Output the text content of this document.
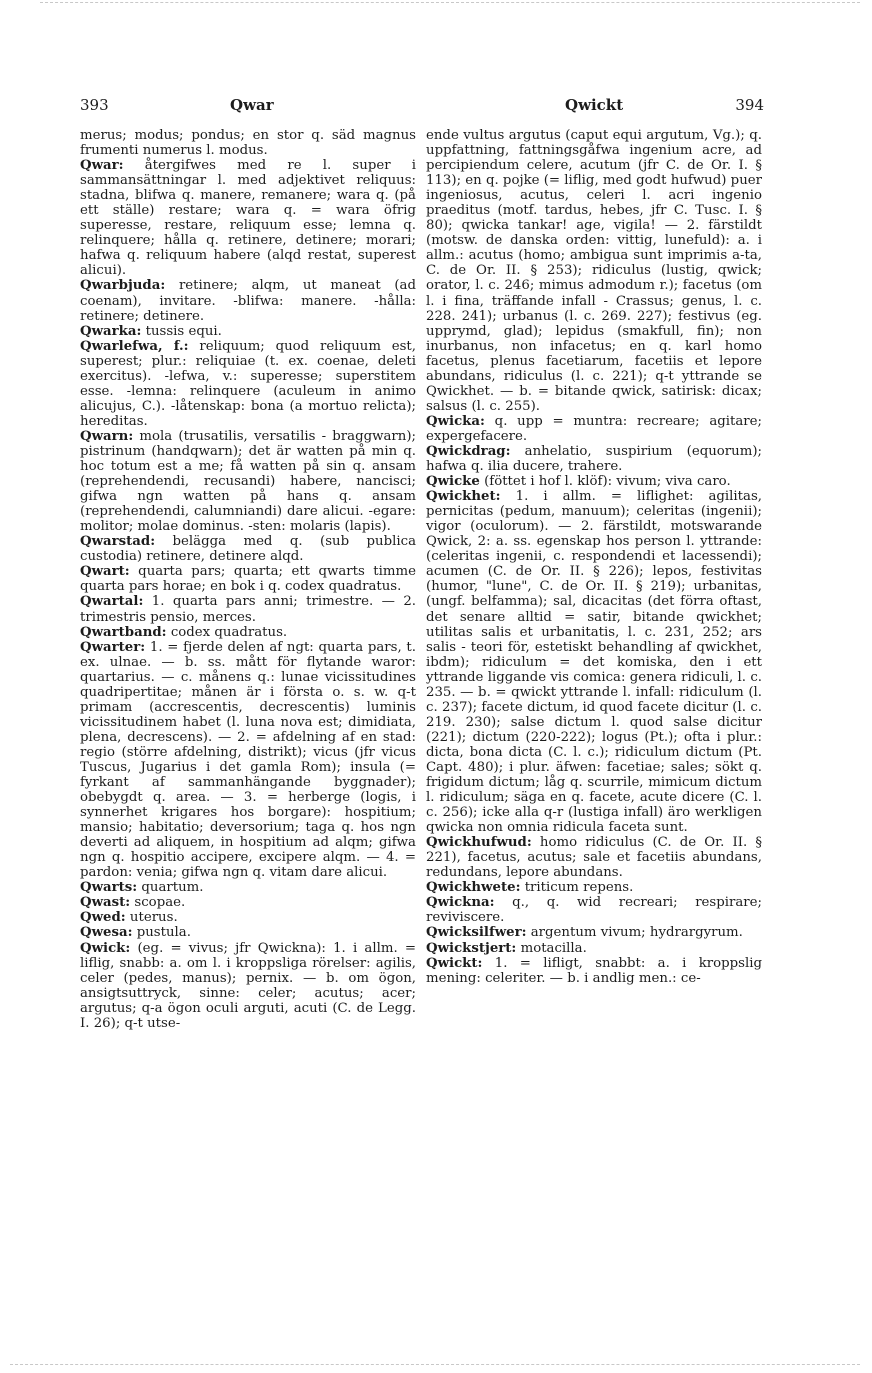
393	Qwar	Qwickt	394

merus; modus; pondus; en stor q. säd magnus frumenti numerus l. modus.

Qwar: återgifwes med re l. super i sammansättningar l. med adjektivet reliquus: stadna, blifwa q. manere, remanere; wara q. (på ett ställe) restare; wara q. = wara öfrig superesse, restare, reliquum esse; lemna q. relinquere; hålla q. retinere, detinere; morari; hafwa q. reliquum habere (alqd restat, superest alicui).

Qwarbjuda: retinere; alqm, ut maneat (ad coenam), invitare. -blifwa: manere. -hålla: retinere; detinere.

Qwarka: tussis equi.

Qwarlefwa, f.: reliquum; quod reliquum est, superest; plur.: reliquiae (t. ex. coenae, deleti exercitus). -lefwa, v.: superesse; superstitem esse. -lemna: relinquere (aculeum in animo alicujus, C.). -låtenskap: bona (a mortuo relicta); hereditas.

Qwarn: mola (trusatilis, versatilis - braggwarn); pistrinum (handqwarn); det är watten på min q. hoc totum est a me; få watten på sin q. ansam (reprehendendi, recusandi) habere, nancisci; gifwa ngn watten på hans q. ansam (reprehendendi, calumniandi) dare alicui. -egare: molitor; molae dominus. -sten: molaris (lapis).

Qwarstad: beläggа med q. (sub publica custodia) retinere, detinere alqd.

Qwart: quarta pars; quarta; ett qwarts timme quarta pars horae; en bok i q. codex quadratus.

Qwartal: 1. quarta pars anni; trimestre. — 2. trimestris pensio, merces.

Qwartband: codex quadratus.

Qwarter: 1. = fjerde delen af ngt: quarta pars, t. ex. ulnae. — b. ss. mått för flytande waror: quartarius. — c. månens q.: lunae vicissitudines quadripertitae; månen är i första o. s. w. q-t primam (accrescentis, decrescentis) luminis vicissitudinem habet (l. luna nova est; dimidiata, plena, decrescens). — 2. = afdelning af en stad: regio (större afdelning, distrikt); vicus (jfr vicus Tuscus, Jugarius i det gamla Rom); insula (= fyrkant af sammanhängande byggnader); obebygdt q. area. — 3. = herberge (logis, i synnerhet krigares hos borgare): hospitium; mansio; habitatio; deversorium; taga q. hos ngn deverti ad aliquem, in hospitium ad alqm; gifwa ngn q. hospitio accipere, excipere alqm. — 4. = pardon: venia; gifwa ngn q. vitam dare alicui.

Qwarts: quartum.

Qwast: scopae.

Qwed: uterus.

Qwesa: pustula.

Qwick: (eg. = vivus; jfr Qwickna): 1. i allm. = liflig, snabb: a. om l. i kroppsliga rörelser: agilis, celer (pedes, manus); pernix. — b. om ögon, ansigtsuttryck, sinne: celer; acutus; acer; argutus; q-a ögon oculi arguti, acuti (C. de Legg. I. 26); q-t utse-

ende vultus argutus (caput equi argutum, Vg.); q. uppfattning, fattningsgåfwa ingenium acre, ad percipiendum celere, acutum (jfr C. de Or. I. § 113); en q. pojke (= liflig, med godt hufwud) puer ingeniosus, acutus, celeri l. acri ingenio praeditus (motf. tardus, hebes, jfr C. Tusc. I. § 80); qwicka tankar! age, vigila! — 2. färstildt (motsw. de danska orden: vittig, lunefuld): a. i allm.: acutus (homo; ambigua sunt imprimis a-ta, C. de Or. II. § 253); ridiculus (lustig, qwick; orator, l. c. 246; mimus admodum r.); facetus (om l. i fina, träffande infall - Crassus; genus, l. c. 228. 241); urbanus (l. c. 269. 227); festivus (eg. upprymd, glad); lepidus (smakfull, fin); non inurbanus, non infacetus; en q. karl homo facetus, plenus facetiarum, facetiis et lepore abundans, ridiculus (l. c. 221); q-t yttrande se Qwickhet. — b. = bitande qwick, satirisk: dicax; salsus (l. c. 255).

Qwicka: q. upp = muntra: recreare; agitare; expergefacere.

Qwickdrag: anhelatio, suspirium (equorum); hafwa q. ilia ducere, trahere.

Qwicke (föttet i hof l. klöf): vivum; viva caro.

Qwickhet: 1. i allm. = liflighet: agilitas, pernicitas (pedum, manuum); celeritas (ingenii); vigor (oculorum). — 2. färstildt, motswarande Qwick, 2: a. ss. egenskap hos person l. yttrande: (celeritas ingenii, c. respondendi et lacessendi); acumen (C. de Or. II. § 226); lepos, festivitas (humor, "lune", C. de Or. II. § 219); urbanitas, (ungf. belfamma); sal, dicacitas (det förra oftast, det senare alltid = satir, bitande qwickhet; utilitas salis et urbanitatis, l. c. 231, 252; ars salis - teori för, estetiskt behandling af qwickhet, ibdm); ridiculum = det komiska, den i ett yttrande liggande vis comica: genera ridiculi, l. c. 235. — b. = qwickt yttrande l. infall: ridiculum (l. c. 237); facete dictum, id quod facete dicitur (l. c. 219. 230); salse dictum l. quod salse dicitur (221); dictum (220-222); logus (Pt.); ofta i plur.: dicta, bona dicta (C. l. c.); ridiculum dictum (Pt. Capt. 480); i plur. äfwen: facetiae; sales; sökt q. frigidum dictum; låg q. scurrile, mimicum dictum l. ridiculum; säga en q. facete, acute dicere (C. l. c. 256); icke alla q-r (lustiga infall) äro werkligen qwicka non omnia ridicula faceta sunt.

Qwickhufwud: homo ridiculus (C. de Or. II. § 221), facetus, acutus; sale et facetiis abundans, redundans, lepore abundans.

Qwickhwete: triticum repens.

Qwickna: q., q. wid recreari; respirare; reviviscere.

Qwicksilfwer: argentum vivum; hydrargyrum.

Qwickstjert: motacilla.

Qwickt: 1. = lifligt, snabbt: a. i kroppslig mening: celeriter. — b. i andlig men.: ce-
